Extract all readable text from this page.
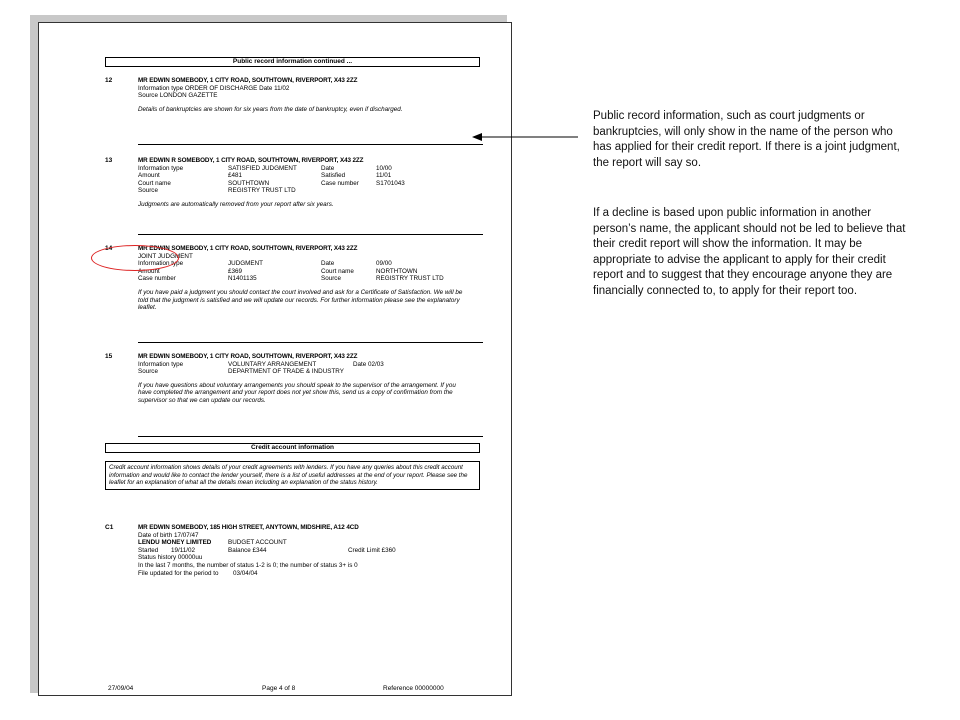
Public record information continued ...
12	MR EDWIN SOMEBODY, 1 CITY ROAD, SOUTHTOWN, RIVERPORT, X43 2ZZ
Information type ORDER OF DISCHARGE Date 11/02
Source LONDON GAZETTE
Details of bankruptcies are shown for six years from the date of bankruptcy, even if discharged.
13	MR EDWIN R SOMEBODY, 1 CITY ROAD, SOUTHTOWN, RIVERPORT, X43 2ZZ
Information type	SATISFIED JUDGMENT	Date	10/00
Amount	£481	Satisfied	11/01
Court name	SOUTHTOWN	Case number	S1701043
Source	REGISTRY TRUST LTD
Judgments are automatically removed from your report after six years.
14	MR EDWIN SOMEBODY, 1 CITY ROAD, SOUTHTOWN, RIVERPORT, X43 2ZZ
JOINT JUDGMENT
Information type	JUDGMENT	Date	09/00
Amount	£369	Court name	NORTHTOWN
Case number	N1401135	Source	REGISTRY TRUST LTD
If you have paid a judgment you should contact the court involved and ask for a Certificate of Satisfaction. We will be told that the judgment is satisfied and we will update our records. For further information please see the explanatory leaflet.
15	MR EDWIN SOMEBODY, 1 CITY ROAD, SOUTHTOWN, RIVERPORT, X43 2ZZ
Information type	VOLUNTARY ARRANGEMENT	Date 02/03
Source	DEPARTMENT OF TRADE & INDUSTRY
If you have questions about voluntary arrangements you should speak to the supervisor of the arrangement. If you have completed the arrangement and your report does not yet show this, send us a copy of confirmation from the supervisor so that we can update our records.
Credit account information
Credit account information shows details of your credit agreements with lenders. If you have any queries about this credit account information and would like to contact the lender yourself, there is a list of useful addresses at the end of your report. Please see the leaflet for an explanation of what all the details mean including an explanation of the status history.
C1	MR EDWIN SOMEBODY, 185 HIGH STREET, ANYTOWN, MIDSHIRE, A12 4CD
Date of birth 17/07/47
LENDU MONEY LIMITED	BUDGET ACCOUNT
Started 19/11/02	Balance £344	Credit Limit £360
Status history 00000uu
In the last 7 months, the number of status 1-2 is 0; the number of status 3+ is 0
File updated for the period to 03/04/04
27/09/04	Page 4 of 8	Reference 00000000

Public record information, such as court judgments or bankruptcies, will only show in the name of the person who has applied for their credit report. If there is a joint judgment, the report will say so.

If a decline is based upon public information in another person’s name, the applicant should not be led to believe that their credit report will show the information. It may be appropriate to advise the applicant to apply for their credit report and to suggest that they encourage anyone they are financially connected to, to apply for their report too.
